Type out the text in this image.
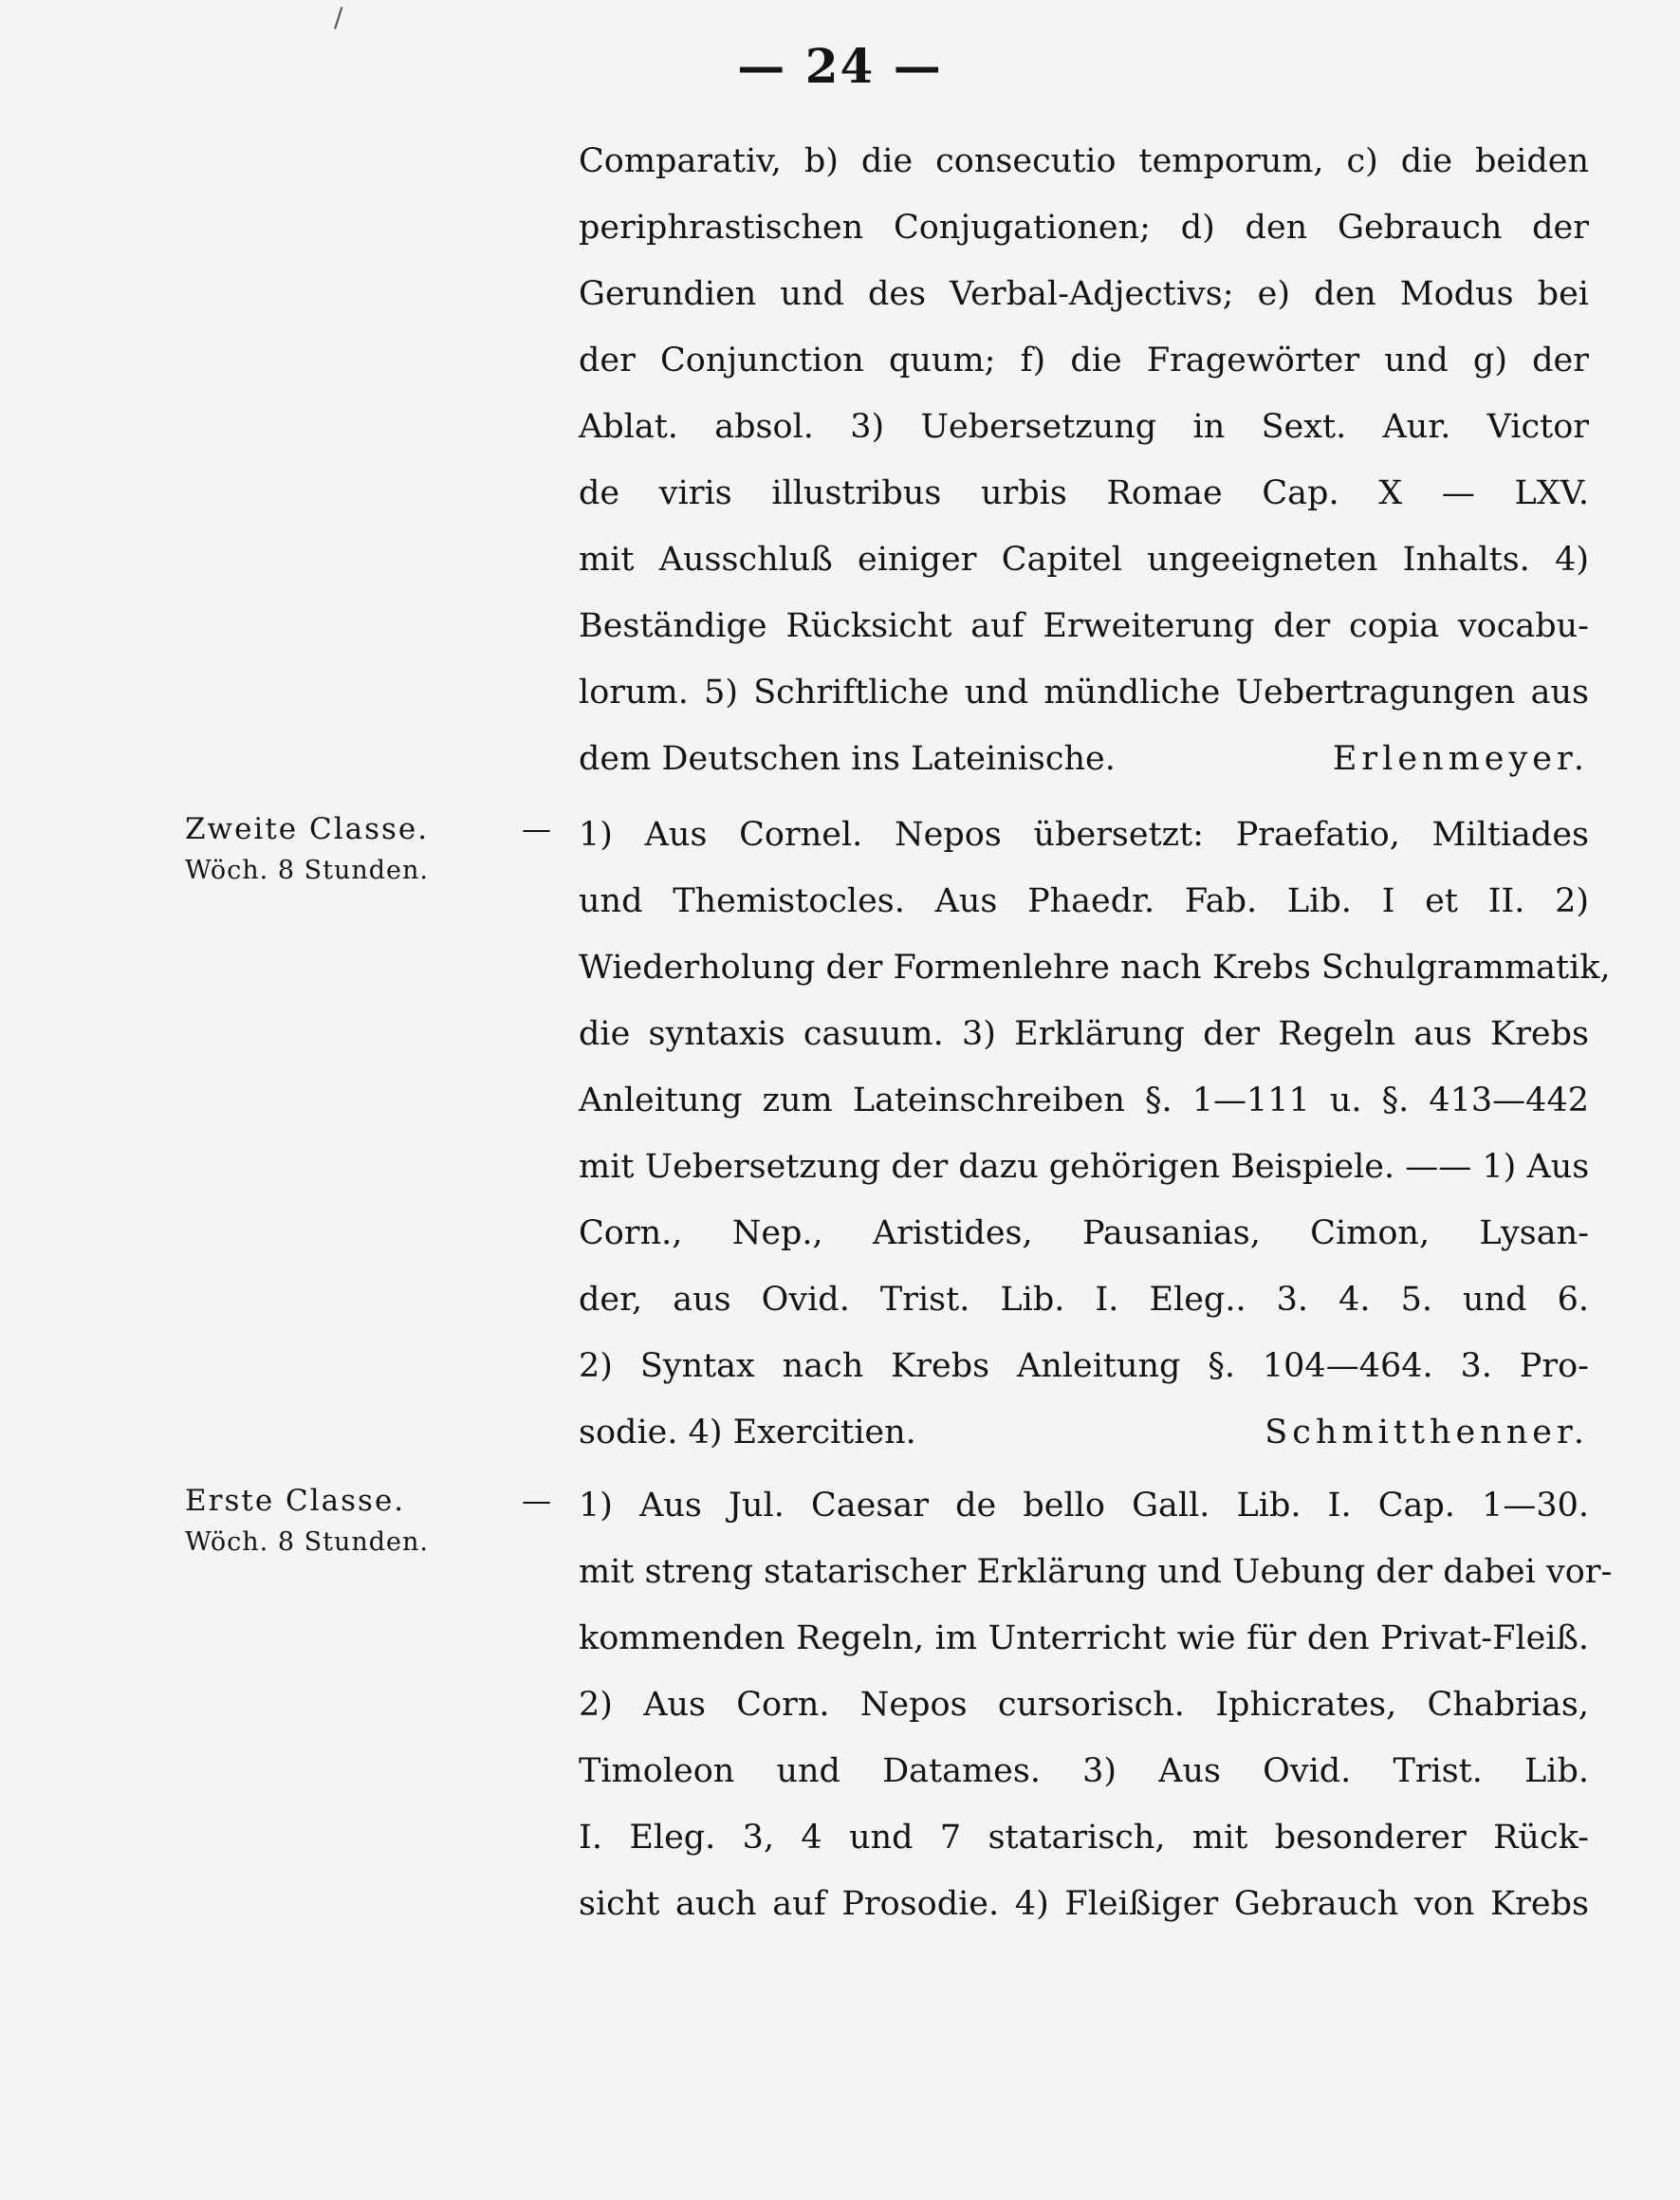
— 24 —
/
Comparativ, b) die consecutio temporum, c) die beiden
periphrastischen Conjugationen; d) den Gebrauch der
Gerundien und des Verbal-Adjectivs; e) den Modus bei
der Conjunction quum; f) die Fragewörter und g) der
Ablat. absol. 3) Uebersetzung in Sext. Aur. Victor
de viris illustribus urbis Romae Cap. X — LXV.
mit Ausschluß einiger Capitel ungeeigneten Inhalts. 4)
Beständige Rücksicht auf Erweiterung der copia vocabu-
lorum. 5) Schriftliche und mündliche Uebertragungen aus
dem Deutschen ins Lateinische.	Erlenmeyer.
Zweite Classe.	—
Wöch. 8 Stunden.
1) Aus Cornel. Nepos übersetzt: Praefatio, Miltiades
und Themistocles. Aus Phaedr. Fab. Lib. I et II. 2)
Wiederholung der Formenlehre nach Krebs Schulgrammatik,
die syntaxis casuum. 3) Erklärung der Regeln aus Krebs
Anleitung zum Lateinschreiben §. 1—111 u. §. 413—442
mit Uebersetzung der dazu gehörigen Beispiele. —— 1) Aus
Corn., Nep., Aristides, Pausanias, Cimon, Lysan-
der, aus Ovid. Trist. Lib. I. Eleg.. 3. 4. 5. und 6.
2) Syntax nach Krebs Anleitung §. 104—464. 3. Pro-
sodie. 4) Exercitien.	Schmitthenner.
Erste Classe.	—
Wöch. 8 Stunden.
1) Aus Jul. Caesar de bello Gall. Lib. I. Cap. 1—30.
mit streng statarischer Erklärung und Uebung der dabei vor-
kommenden Regeln, im Unterricht wie für den Privat-Fleiß.
2) Aus Corn. Nepos cursorisch. Iphicrates, Chabrias,
Timoleon und Datames. 3) Aus Ovid. Trist. Lib.
I. Eleg. 3, 4 und 7 statarisch, mit besonderer Rück-
sicht auch auf Prosodie. 4) Fleißiger Gebrauch von Krebs
